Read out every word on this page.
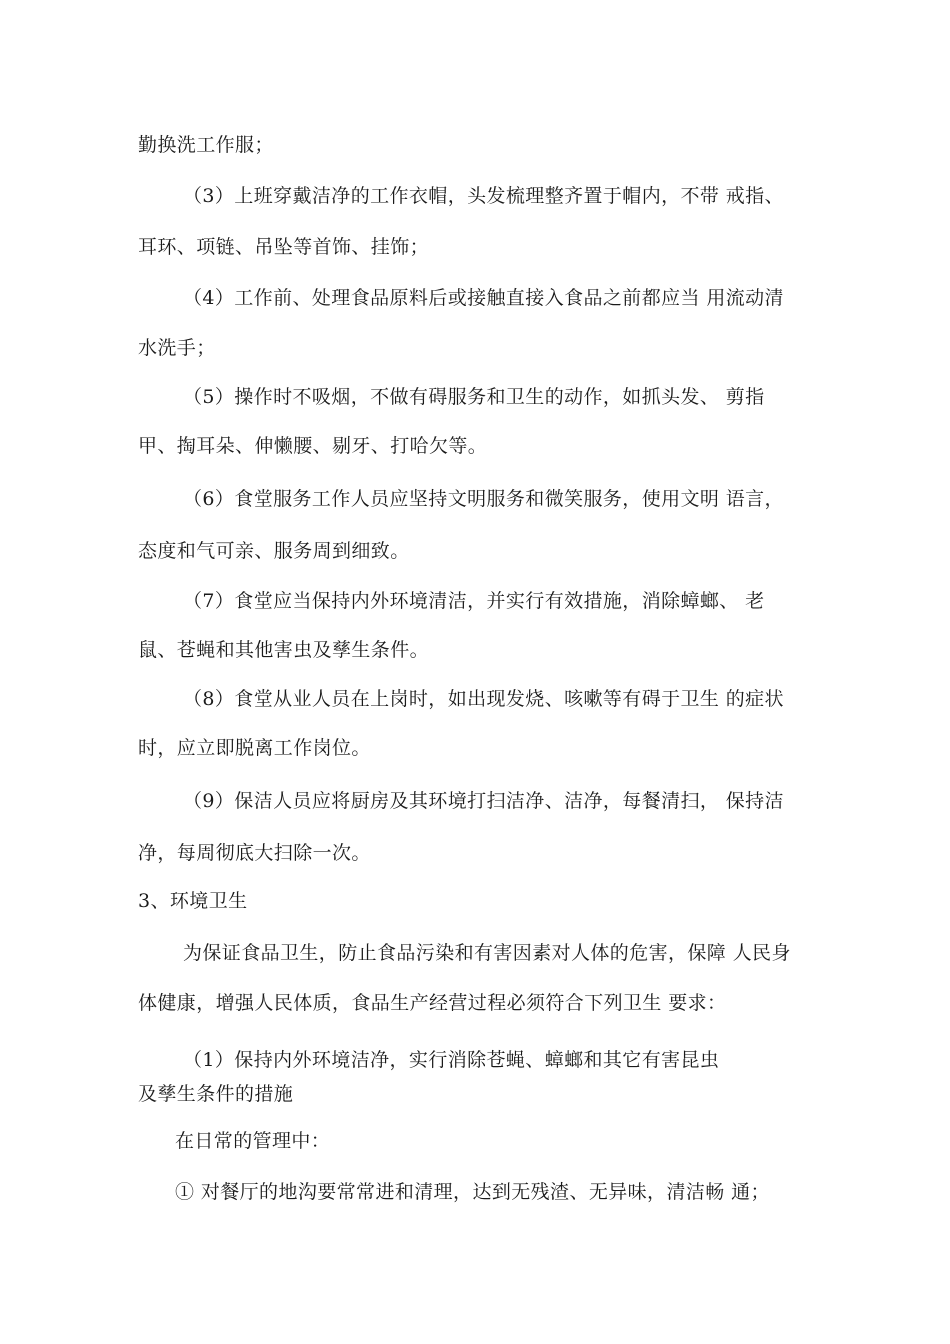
勤换洗工作服；
（3）上班穿戴洁净的工作衣帽，头发梳理整齐置于帽内，不带 戒指、
耳环、项链、吊坠等首饰、挂饰；
（4）工作前、处理食品原料后或接触直接入食品之前都应当 用流动清
水洗手；
（5）操作时不吸烟，不做有碍服务和卫生的动作，如抓头发、 剪指
甲、掏耳朵、伸懒腰、剔牙、打哈欠等。
（6）食堂服务工作人员应坚持文明服务和微笑服务，使用文明 语言，
态度和气可亲、服务周到细致。
（7）食堂应当保持内外环境清洁，并实行有效措施，消除蟑螂、 老
鼠、苍蝇和其他害虫及孳生条件。
（8）食堂从业人员在上岗时，如出现发烧、咳嗽等有碍于卫生 的症状
时，应立即脱离工作岗位。
（9）保洁人员应将厨房及其环境打扫洁净、洁净，每餐清扫， 保持洁
净，每周彻底大扫除一次。
3、环境卫生
为保证食品卫生，防止食品污染和有害因素对人体的危害，保障 人民身
体健康，增强人民体质，食品生产经营过程必须符合下列卫生 要求：
（1）保持内外环境洁净，实行消除苍蝇、蟑螂和其它有害昆虫
及孳生条件的措施
在日常的管理中：
① 对餐厅的地沟要常常进和清理，达到无残渣、无异味，清洁畅 通；
